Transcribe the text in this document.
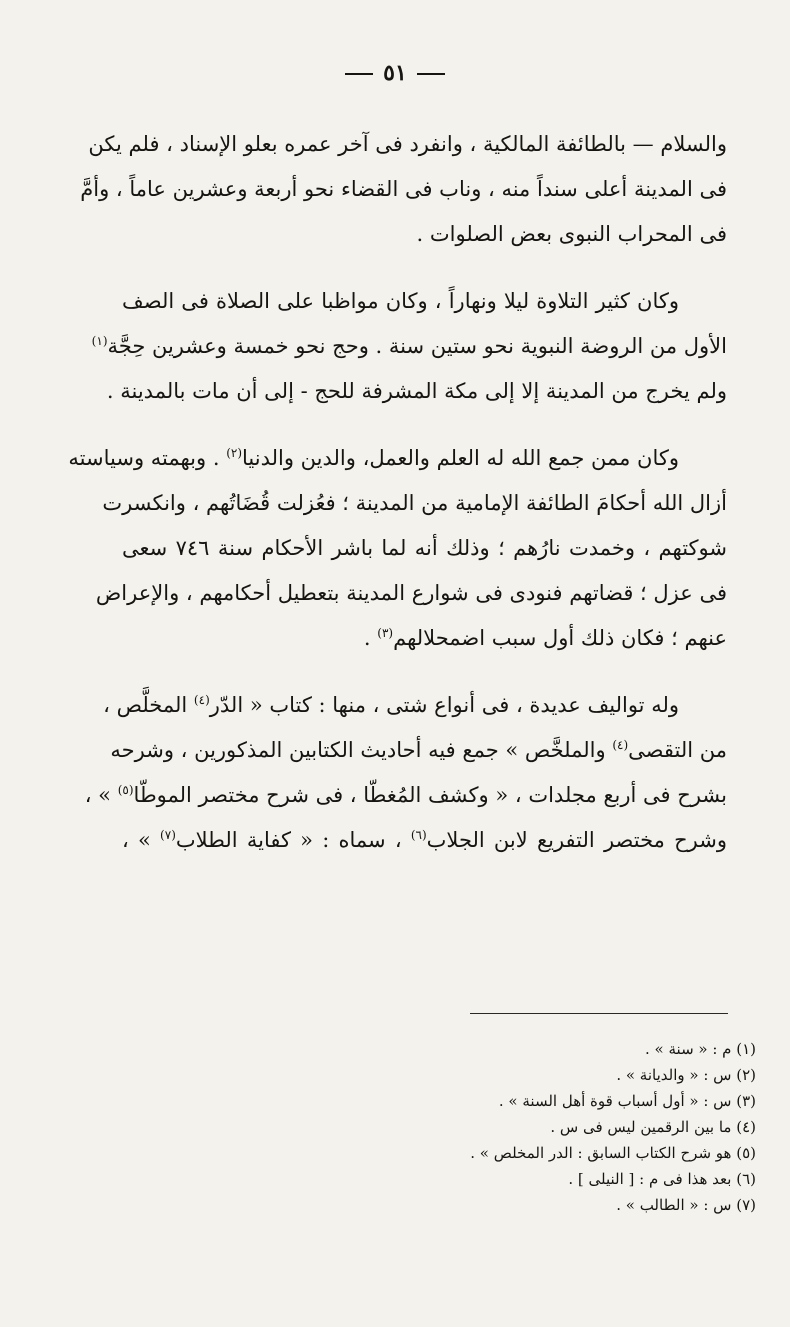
٥١
والسلام — بالطائفة المالكية ، وانفرد فى آخر عمره بعلو الإسناد ، فلم يكن
فى المدينة أعلى سنداً منه ، وناب فى القضاء نحو أربعة وعشرين عاماً ، وأمَّ
فى المحراب النبوى بعض الصلوات .
وكان كثير التلاوة ليلا ونهاراً ، وكان مواظبا على الصلاة فى الصف
الأول من الروضة النبوية نحو ستين سنة . وحج نحو خمسة وعشرين حِجَّة$^{(١)}$
ولم يخرج من المدينة إلا إلى مكة المشرفة للحج - إلى أن مات بالمدينة .
وكان ممن جمع الله له العلم والعمل، والدين والدنيا$^{(٢)}$ . وبهمته وسياسته
أزال الله أحكامَ الطائفة الإمامية من المدينة ؛ فعُزلت قُضَاتُهم ، وانكسرت
شوكتهم ، وخمدت نارُهم ؛ وذلك أنه لما باشر الأحكام سنة ٧٤٦ سعى
فى عزل ؛ قضاتهم فنودى فى شوارع المدينة بتعطيل أحكامهم ، والإعراض
عنهم ؛ فكان ذلك أول سبب اضمحلالهم$^{(٣)}$ .
وله تواليف عديدة ، فى أنواع شتى ، منها : كتاب « الدّر$^{(٤)}$ المخلَّص ،
من التقصى$^{(٤)}$ والملخَّص » جمع فيه أحاديث الكتابين المذكورين ، وشرحه
بشرح فى أربع مجلدات ، « وكشف المُغطّا ، فى شرح مختصر الموطّا$^{(٥)}$ » ،
وشرح مختصر التفريع لابن الجلاب$^{(٦)}$ ، سماه : « كفاية الطلاب$^{(٧)}$ » ،
(١) م : « سنة » .
(٢) س : « والديانة » .
(٣) س : « أول أسباب قوة أهل السنة » .
(٤) ما بين الرقمين ليس فى س .
(٥) هو شرح الكتاب السابق : الدر المخلص » .
(٦) بعد هذا فى م : [ النيلى ] .
(٧) س : « الطالب » .
